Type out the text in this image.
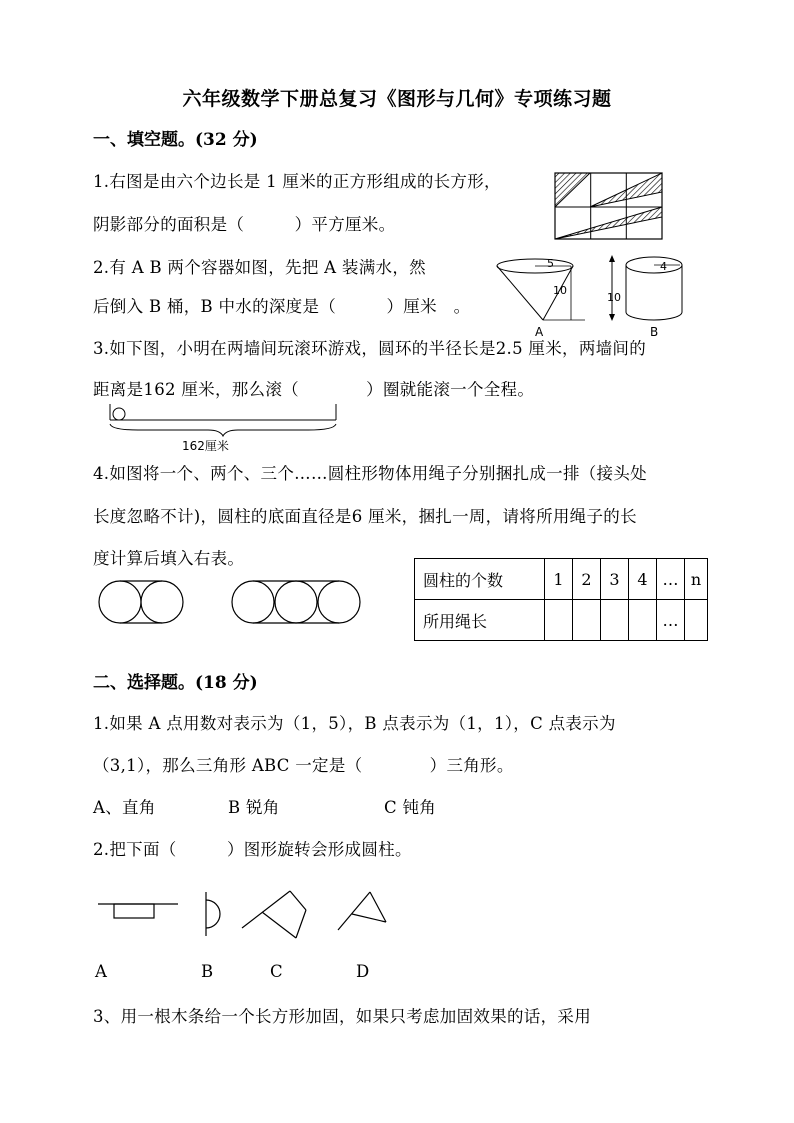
六年级数学下册总复习《图形与几何》专项练习题
一、填空题。(32 分)
1.右图是由六个边长是 1 厘米的正方形组成的长方形，
阴影部分的面积是（　　　）平方厘米。
2.有 A B 两个容器如图，先把 A 装满水，然
后倒入 B 桶，B 中水的深度是（　　　）厘米　。
5
10
A
10
4
B
3.如下图，小明在两墙间玩滚环游戏，圆环的半径长是2.5 厘米，两墙间的
距离是162 厘米，那么滚（　　　　）圈就能滚一个全程。
162厘米
4.如图将一个、两个、三个……圆柱形物体用绳子分别捆扎成一排（接头处
长度忽略不计)，圆柱的底面直径是6 厘米，捆扎一周，请将所用绳子的长
度计算后填入右表。
圆柱的个数	1	2	3	4	…	n
所用绳长					…	
二、选择题。(18 分)
1.如果 A 点用数对表示为（1，5），B 点表示为（1，1），C 点表示为
（3,1），那么三角形 ABC 一定是（　　　　）三角形。
A、直角	B 锐角	C 钝角
2.把下面（　　　）图形旋转会形成圆柱。
A	B	C	D
3、用一根木条给一个长方形加固，如果只考虑加固效果的话，采用
